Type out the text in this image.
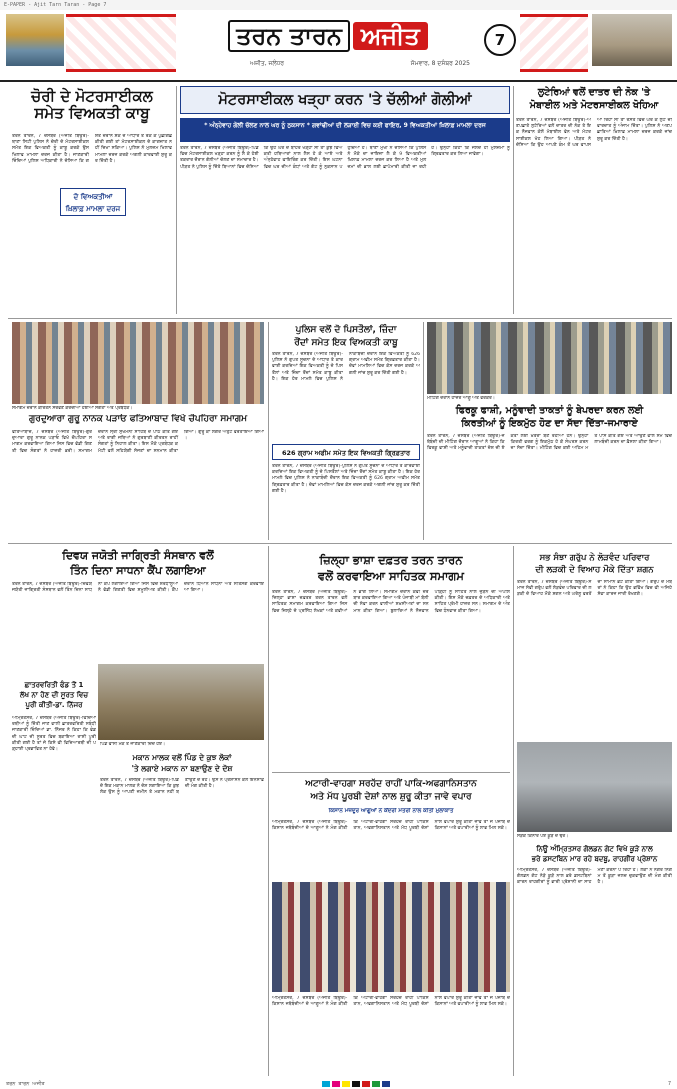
E-PAPER - Ajit Tarn Taran - Page 7
ਤਰਨ ਤਾਰਨ ਅਜੀਤ
ਅਜੀਤ, ਜਲੰਧਰ	ਸੋਮਵਾਰ, 8 ਦਸੰਬਰ 2025
7
ਚੋਰੀ ਦੇ ਮੋਟਰਸਾਈਕਲ
ਸਮੇਤ ਵਿਅਕਤੀ ਕਾਬੂ
ਤਰਨ ਤਾਰਨ, 7 ਦਸੰਬਰ (ਅਜੀਤ ਬਿਊਰੋ)-ਥਾਣਾ ਸਿਟੀ ਪੁਲਿਸ ਨੇ ਚੋਰੀ ਦੇ ਮੋਟਰਸਾਈਕਲ ਸਮੇਤ ਇਕ ਵਿਅਕਤੀ ਨੂੰ ਕਾਬੂ ਕਰਕੇ ਉਸ ਖਿਲਾਫ ਮਾਮਲਾ ਦਰਜ ਕੀਤਾ ਹੈ। ਜਾਣਕਾਰੀ ਦਿੰਦਿਆਂ ਪੁਲਿਸ ਅਧਿਕਾਰੀ ਨੇ ਦੱਸਿਆ ਕਿ ਗਸ਼ਤ ਦੌਰਾਨ ਸ਼ੱਕ ਦੇ ਆਧਾਰ ਤੇ ਰੋਕ ਕੇ ਪੁੱਛਗਿੱਛ ਕੀਤੀ ਗਈ ਤਾਂ ਮੋਟਰਸਾਈਕਲ ਦੇ ਕਾਗਜ਼ਾਤ ਨਹੀਂ ਦਿਖਾ ਸਕਿਆ। ਪੁਲਿਸ ਨੇ ਮੁਲਜ਼ਮ ਖਿਲਾਫ ਮਾਮਲਾ ਦਰਜ ਕਰਕੇ ਅਗਲੀ ਕਾਰਵਾਈ ਸ਼ੁਰੂ ਕਰ ਦਿੱਤੀ ਹੈ।
ਦੋ ਵਿਅਕਤੀਆਂ
ਖ਼ਿਲਾਫ਼ ਮਾਮਲਾ ਦਰਜ
ਮੋਟਰਸਾਈਕਲ ਖੜ੍ਹਾ ਕਰਨ 'ਤੇ ਚੱਲੀਆਂ ਗੋਲੀਆਂ
* ਅੰਨ੍ਹੇਵਾਹ ਗੋਲੀ ਚੱਲਣ ਨਾਲ ਘਰ ਨੂੰ ਨੁਕਸਾਨ * ਗਵਾਂਢੀਆਂ ਦੀ ਲੜਾਈ ਵਿਚ ਕਈ ਫਾਇਰ, 9 ਵਿਅਕਤੀਆਂ ਖ਼ਿਲਾਫ਼ ਮਾਮਲਾ ਦਰਜ
ਤਰਨ ਤਾਰਨ, 7 ਦਸੰਬਰ (ਅਜੀਤ ਬਿਊਰੋ)-ਪਿੰਡ ਵਿਚ ਮੋਟਰਸਾਈਕਲ ਖੜ੍ਹਾ ਕਰਨ ਨੂੰ ਲੈ ਕੇ ਹੋਈ ਤਕਰਾਰ ਦੌਰਾਨ ਗੋਲੀਆਂ ਚੱਲਣ ਦਾ ਸਮਾਚਾਰ ਹੈ। ਪੀੜਤ ਨੇ ਪੁਲਿਸ ਨੂੰ ਦਿੱਤੇ ਬਿਆਨਾਂ ਵਿਚ ਦੱਸਿਆ ਕਿ ਉਹ ਘਰ ਦੇ ਬਾਹਰ ਖੜ੍ਹਾ ਸੀ ਤਾਂ ਕੁਝ ਵਿਅਕਤੀ ਹਥਿਆਰਾਂ ਨਾਲ ਲੈਸ ਹੋ ਕੇ ਆਏ ਅਤੇ ਅੰਨ੍ਹੇਵਾਹ ਫਾਇਰਿੰਗ ਕਰ ਦਿੱਤੀ। ਇਸ ਘਟਨਾ ਵਿਚ ਘਰ ਦੀਆਂ ਕੰਧਾਂ ਅਤੇ ਗੇਟ ਨੂੰ ਨੁਕਸਾਨ ਪਹੁੰਚਿਆ ਹੈ। ਥਾਣਾ ਮੁਖੀ ਨੇ ਦੱਸਿਆ ਕਿ ਪੁਲਿਸ ਨੇ ਮੌਕੇ ਦਾ ਜਾਇਜ਼ਾ ਲੈ ਕੇ 9 ਵਿਅਕਤੀਆਂ ਖ਼ਿਲਾਫ਼ ਮਾਮਲਾ ਦਰਜ ਕਰ ਲਿਆ ਹੈ ਅਤੇ ਮੁਲਜ਼ਮਾਂ ਦੀ ਭਾਲ ਲਈ ਛਾਪੇਮਾਰੀ ਕੀਤੀ ਜਾ ਰਹੀ ਹੈ। ਉਨ੍ਹਾਂ ਕਿਹਾ ਕਿ ਜਲਦ ਹੀ ਮੁਲਜ਼ਮਾਂ ਨੂੰ ਗ੍ਰਿਫ਼ਤਾਰ ਕਰ ਲਿਆ ਜਾਵੇਗਾ।
ਲੁਟੇਰਿਆਂ ਵਲੋਂ ਦਾਤਰ ਦੀ ਨੋਕ 'ਤੇ
ਮੋਬਾਈਲ ਅਤੇ ਮੋਟਰਸਾਈਕਲ ਖੋਹਿਆ
ਤਰਨ ਤਾਰਨ, 7 ਦਸੰਬਰ (ਅਜੀਤ ਬਿਊਰੋ)-ਅਣਪਛਾਤੇ ਲੁਟੇਰਿਆਂ ਵਲੋਂ ਦਾਤਰ ਦੀ ਨੋਕ ਤੇ ਇਕ ਨੌਜਵਾਨ ਕੋਲੋਂ ਮੋਬਾਈਲ ਫੋਨ ਅਤੇ ਮੋਟਰਸਾਈਕਲ ਖੋਹ ਲਿਆ ਗਿਆ। ਪੀੜਤ ਨੇ ਦੱਸਿਆ ਕਿ ਉਹ ਆਪਣੇ ਕੰਮ ਤੋਂ ਘਰ ਵਾਪਸ ਆ ਰਿਹਾ ਸੀ ਤਾਂ ਰਸਤੇ ਵਿਚ ਘੇਰ ਕੇ ਲੁੱਟ ਦੀ ਵਾਰਦਾਤ ਨੂੰ ਅੰਜਾਮ ਦਿੱਤਾ। ਪੁਲਿਸ ਨੇ ਅਣਪਛਾਤਿਆਂ ਖ਼ਿਲਾਫ਼ ਮਾਮਲਾ ਦਰਜ ਕਰਕੇ ਜਾਂਚ ਸ਼ੁਰੂ ਕਰ ਦਿੱਤੀ ਹੈ।
ਸਮਾਗਮ ਦੌਰਾਨ ਕੀਰਤਨ ਸਰਵਣ ਕਰਦੀਆਂ ਹੋਈਆਂ ਸੰਗਤਾਂ ਅਤੇ ਪ੍ਰਬੰਧਕ।
ਗੁਰਦੁਆਰਾ ਗੁਰੂ ਨਾਨਕ ਪੜਾਓ ਫਤਿਆਬਾਦ ਵਿਖੇ ਚੌਪਹਿਰਾ ਸਮਾਗਮ
ਫਤਿਆਬਾਦ, 7 ਦਸੰਬਰ (ਅਜੀਤ ਬਿਊਰੋ)-ਗੁਰਦੁਆਰਾ ਗੁਰੂ ਨਾਨਕ ਪੜਾਓ ਵਿਖੇ ਚੌਪਹਿਰਾ ਸਮਾਗਮ ਕਰਵਾਇਆ ਗਿਆ ਜਿਸ ਵਿਚ ਵੱਡੀ ਗਿਣਤੀ ਵਿਚ ਸੰਗਤਾਂ ਨੇ ਹਾਜ਼ਰੀ ਭਰੀ। ਸਮਾਗਮ ਦੌਰਾਨ ਸ੍ਰੀ ਸੁਖਮਨੀ ਸਾਹਿਬ ਦੇ ਪਾਠ ਕੀਤੇ ਗਏ ਅਤੇ ਰਾਗੀ ਜਥਿਆਂ ਨੇ ਗੁਰਬਾਣੀ ਕੀਰਤਨ ਰਾਹੀਂ ਸੰਗਤਾਂ ਨੂੰ ਨਿਹਾਲ ਕੀਤਾ। ਇਸ ਮੌਕੇ ਪ੍ਰਬੰਧਕ ਕਮੇਟੀ ਵਲੋਂ ਸਹਿਯੋਗੀ ਸੱਜਣਾਂ ਦਾ ਸਨਮਾਨ ਕੀਤਾ ਗਿਆ। ਗੁਰੂ ਕਾ ਲੰਗਰ ਅਤੁੱਟ ਵਰਤਾਇਆ ਗਿਆ।
ਪੁਲਿਸ ਵਲੋਂ ਦੋ ਪਿਸਤੌਲਾਂ, ਜ਼ਿੰਦਾ
ਰੌਂਦਾਂ ਸਮੇਤ ਇਕ ਵਿਅਕਤੀ ਕਾਬੂ
ਤਰਨ ਤਾਰਨ, 7 ਦਸੰਬਰ (ਅਜੀਤ ਬਿਊਰੋ)-ਪੁਲਿਸ ਨੇ ਗੁਪਤ ਸੂਚਨਾ ਦੇ ਆਧਾਰ ਤੇ ਕਾਰਵਾਈ ਕਰਦਿਆਂ ਇਕ ਵਿਅਕਤੀ ਨੂੰ ਦੋ ਪਿਸਤੌਲਾਂ ਅਤੇ ਜ਼ਿੰਦਾ ਰੌਂਦਾਂ ਸਮੇਤ ਕਾਬੂ ਕੀਤਾ ਹੈ। ਇਕ ਹੋਰ ਮਾਮਲੇ ਵਿਚ ਪੁਲਿਸ ਨੇ ਨਾਕਾਬੰਦੀ ਦੌਰਾਨ ਇਕ ਵਿਅਕਤੀ ਨੂੰ 626 ਗ੍ਰਾਮ ਅਫੀਮ ਸਮੇਤ ਗ੍ਰਿਫ਼ਤਾਰ ਕੀਤਾ ਹੈ। ਦੋਵਾਂ ਮਾਮਲਿਆਂ ਵਿਚ ਕੇਸ ਦਰਜ ਕਰਕੇ ਅਗਲੀ ਜਾਂਚ ਸ਼ੁਰੂ ਕਰ ਦਿੱਤੀ ਗਈ ਹੈ।
626 ਗ੍ਰਾਮ ਅਫੀਮ ਸਮੇਤ ਇਕ ਵਿਅਕਤੀ ਗ੍ਰਿਫ਼ਤਾਰ
ਤਰਨ ਤਾਰਨ, 7 ਦਸੰਬਰ (ਅਜੀਤ ਬਿਊਰੋ)-ਪੁਲਿਸ ਨੇ ਗੁਪਤ ਸੂਚਨਾ ਦੇ ਆਧਾਰ ਤੇ ਕਾਰਵਾਈ ਕਰਦਿਆਂ ਇਕ ਵਿਅਕਤੀ ਨੂੰ ਦੋ ਪਿਸਤੌਲਾਂ ਅਤੇ ਜ਼ਿੰਦਾ ਰੌਂਦਾਂ ਸਮੇਤ ਕਾਬੂ ਕੀਤਾ ਹੈ। ਇਕ ਹੋਰ ਮਾਮਲੇ ਵਿਚ ਪੁਲਿਸ ਨੇ ਨਾਕਾਬੰਦੀ ਦੌਰਾਨ ਇਕ ਵਿਅਕਤੀ ਨੂੰ 626 ਗ੍ਰਾਮ ਅਫੀਮ ਸਮੇਤ ਗ੍ਰਿਫ਼ਤਾਰ ਕੀਤਾ ਹੈ। ਦੋਵਾਂ ਮਾਮਲਿਆਂ ਵਿਚ ਕੇਸ ਦਰਜ ਕਰਕੇ ਅਗਲੀ ਜਾਂਚ ਸ਼ੁਰੂ ਕਰ ਦਿੱਤੀ ਗਈ ਹੈ।
ਮੀਟਿੰਗ ਦੌਰਾਨ ਹਾਜ਼ਰ ਆਗੂ ਅਤੇ ਵਰਕਰ।
ਫਿਰਕੂ ਫਾਸ਼ੀ, ਮਨੂੰਵਾਦੀ ਤਾਕਤਾਂ ਨੂੰ ਬੇਪਰਦਾ ਕਰਨ ਲਈ
ਕਿਰਤੀਆਂ ਨੂੰ ਇਕਮੁੱਠ ਹੋਣ ਦਾ ਸੱਦਾ ਦਿੱਤਾ-ਜਮਾਰਾਏ
ਤਰਨ ਤਾਰਨ, 7 ਦਸੰਬਰ (ਅਜੀਤ ਬਿਊਰੋ)-ਜਥੇਬੰਦੀ ਦੀ ਮੀਟਿੰਗ ਦੌਰਾਨ ਆਗੂਆਂ ਨੇ ਕਿਹਾ ਕਿ ਫਿਰਕੂ ਫਾਸ਼ੀ ਅਤੇ ਮਨੂੰਵਾਦੀ ਤਾਕਤਾਂ ਦੇਸ਼ ਦੀ ਏਕਤਾ ਲਈ ਖ਼ਤਰਾ ਬਣ ਰਹੀਆਂ ਹਨ। ਉਨ੍ਹਾਂ ਕਿਰਤੀ ਵਰਗ ਨੂੰ ਇਕਮੁੱਠ ਹੋ ਕੇ ਸੰਘਰਸ਼ ਕਰਨ ਦਾ ਸੱਦਾ ਦਿੱਤਾ। ਮੀਟਿੰਗ ਵਿਚ ਕਈ ਅਹਿਮ ਮਤੇ ਪਾਸ ਕੀਤੇ ਗਏ ਅਤੇ ਆਉਣ ਵਾਲੇ ਸਮੇਂ ਵਿਚ ਲਾਮਬੰਦੀ ਕਰਨ ਦਾ ਫ਼ੈਸਲਾ ਕੀਤਾ ਗਿਆ।
ਦਿਵਯ ਜਯੋਤੀ ਜਾਗ੍ਰਿਤੀ ਸੰਸਥਾਨ ਵਲੋਂ
ਤਿੰਨ ਦਿਨਾ ਸਾਧਨਾ ਕੈਂਪ ਲਗਾਇਆ
ਤਰਨ ਤਾਰਨ, 7 ਦਸੰਬਰ (ਅਜੀਤ ਬਿਊਰੋ)-ਦਿਵਯ ਜਯੋਤੀ ਜਾਗ੍ਰਿਤੀ ਸੰਸਥਾਨ ਵਲੋਂ ਤਿੰਨ ਦਿਨਾ ਸਾਧਨਾ ਕੈਂਪ ਲਗਾਇਆ ਗਿਆ ਜਿਸ ਵਿਚ ਸ਼ਰਧਾਲੂਆਂ ਨੇ ਵੱਡੀ ਗਿਣਤੀ ਵਿਚ ਸ਼ਮੂਲੀਅਤ ਕੀਤੀ। ਕੈਂਪ ਦੌਰਾਨ ਧਿਆਨ ਸਾਧਨਾ ਅਤੇ ਸਤਿਸੰਗ ਕਰਵਾਇਆ ਗਿਆ।
ਛਾਤਰਵਰਿਤੀ ਫੰਡ ਤੋਂ 1
ਲੱਖ ਨਾ ਹੋਣ ਦੀ ਸੂਰਤ ਵਿਚ
ਪੂਰੀ ਕੀਤੀ-ਡਾ. ਨਿੱਜਰ
ਅੰਮ੍ਰਿਤਸਰ, 7 ਦਸੰਬਰ (ਅਜੀਤ ਬਿਊਰੋ)-ਵਿਦਿਆਰਥੀਆਂ ਨੂੰ ਦਿੱਤੀ ਜਾਣ ਵਾਲੀ ਛਾਤਰਵਰਿਤੀ ਸਬੰਧੀ ਜਾਣਕਾਰੀ ਦਿੰਦਿਆਂ ਡਾ. ਨਿੱਜਰ ਨੇ ਕਿਹਾ ਕਿ ਫੰਡ ਦੀ ਘਾਟ ਦੀ ਸੂਰਤ ਵਿਚ ਬਕਾਇਆ ਰਾਸ਼ੀ ਪੂਰੀ ਕੀਤੀ ਗਈ ਹੈ ਤਾਂ ਜੋ ਕਿਸੇ ਵੀ ਵਿਦਿਆਰਥੀ ਦੀ ਪੜ੍ਹਾਈ ਪ੍ਰਭਾਵਿਤ ਨਾ ਹੋਵੇ।
ਪਿੰਡ ਵਾਸੀ ਮੌਕੇ ਤੇ ਜਾਣਕਾਰੀ ਦਿੰਦੇ ਹੋਏ।
ਮਕਾਨ ਮਾਲਕ ਵਲੋਂ ਪਿੰਡ ਦੇ ਕੁਝ ਲੋਕਾਂ
'ਤੇ ਲਗਾਏ ਮਕਾਨ ਨਾ ਬਣਾਉਣ ਦੇ ਦੋਸ਼
ਤਰਨ ਤਾਰਨ, 7 ਦਸੰਬਰ (ਅਜੀਤ ਬਿਊਰੋ)-ਪਿੰਡ ਦੇ ਇਕ ਮਕਾਨ ਮਾਲਕ ਨੇ ਦੋਸ਼ ਲਗਾਇਆ ਕਿ ਕੁਝ ਲੋਕ ਉਸ ਨੂੰ ਆਪਣੀ ਜ਼ਮੀਨ ਤੇ ਮਕਾਨ ਨਹੀਂ ਬਣਾਉਣ ਦੇ ਰਹੇ। ਉਸ ਨੇ ਪ੍ਰਸ਼ਾਸਨ ਕੋਲੋਂ ਇਨਸਾਫ਼ ਦੀ ਮੰਗ ਕੀਤੀ ਹੈ।
ਜ਼ਿਲ੍ਹਾ ਭਾਸ਼ਾ ਦਫ਼ਤਰ ਤਰਨ ਤਾਰਨ
ਵਲੋਂ ਕਰਵਾਇਆ ਸਾਹਿਤਕ ਸਮਾਗਮ
ਤਰਨ ਤਾਰਨ, 7 ਦਸੰਬਰ (ਅਜੀਤ ਬਿਊਰੋ)-ਜ਼ਿਲ੍ਹਾ ਭਾਸ਼ਾ ਦਫ਼ਤਰ ਤਰਨ ਤਾਰਨ ਵਲੋਂ ਸਾਹਿਤਕ ਸਮਾਗਮ ਕਰਵਾਇਆ ਗਿਆ ਜਿਸ ਵਿਚ ਜ਼ਿਲ੍ਹੇ ਦੇ ਪ੍ਰਸਿੱਧ ਲੇਖਕਾਂ ਅਤੇ ਕਵੀਆਂ ਨੇ ਭਾਗ ਲਿਆ। ਸਮਾਗਮ ਦੌਰਾਨ ਕਵੀ ਦਰਬਾਰ ਕਰਵਾਇਆ ਗਿਆ ਅਤੇ ਪੰਜਾਬੀ ਮਾਂ ਬੋਲੀ ਦੀ ਸੇਵਾ ਕਰਨ ਵਾਲੀਆਂ ਸ਼ਖ਼ਸੀਅਤਾਂ ਦਾ ਸਨਮਾਨ ਕੀਤਾ ਗਿਆ। ਬੁਲਾਰਿਆਂ ਨੇ ਨੌਜਵਾਨ ਪੀੜ੍ਹੀ ਨੂੰ ਸਾਹਿਤ ਨਾਲ ਜੁੜਨ ਦੀ ਅਪੀਲ ਕੀਤੀ। ਇਸ ਮੌਕੇ ਦਫ਼ਤਰ ਦੇ ਅਧਿਕਾਰੀ ਅਤੇ ਸਾਹਿਤ ਪ੍ਰੇਮੀ ਹਾਜ਼ਰ ਸਨ। ਸਮਾਗਮ ਦੇ ਅੰਤ ਵਿਚ ਧੰਨਵਾਦ ਕੀਤਾ ਗਿਆ।
ਅਟਾਰੀ-ਵਾਹਗਾ ਸਰਹੱਦ ਰਾਹੀਂ ਪਾਕਿ-ਅਫਗਾਨਿਸਤਾਨ
ਅਤੇ ਮੱਧ ਪੂਰਬੀ ਦੇਸ਼ਾਂ ਨਾਲ ਸ਼ੁਰੂ ਕੀਤਾ ਜਾਵੇ ਵਪਾਰ
ਕਿਸਾਨ ਮਜ਼ਦੂਰ ਆਗੂਆਂ ਨੇ ਕੇਂਦਰੀ ਮੰਤਰੀ ਨਾਲ ਕੀਤੀ ਮੁਲਾਕਾਤ
ਅੰਮ੍ਰਿਤਸਰ, 7 ਦਸੰਬਰ (ਅਜੀਤ ਬਿਊਰੋ)-ਕਿਸਾਨ ਜਥੇਬੰਦੀਆਂ ਦੇ ਆਗੂਆਂ ਨੇ ਮੰਗ ਕੀਤੀ ਕਿ ਅਟਾਰੀ-ਵਾਹਗਾ ਸਰਹੱਦ ਰਾਹੀਂ ਪਾਕਿਸਤਾਨ, ਅਫਗਾਨਿਸਤਾਨ ਅਤੇ ਮੱਧ ਪੂਰਬੀ ਦੇਸ਼ਾਂ ਨਾਲ ਵਪਾਰ ਸ਼ੁਰੂ ਕੀਤਾ ਜਾਵੇ ਤਾਂ ਜੋ ਪੰਜਾਬ ਦੇ ਕਿਸਾਨਾਂ ਅਤੇ ਵਪਾਰੀਆਂ ਨੂੰ ਲਾਭ ਮਿਲ ਸਕੇ।
ਅੰਮ੍ਰਿਤਸਰ, 7 ਦਸੰਬਰ (ਅਜੀਤ ਬਿਊਰੋ)-ਕਿਸਾਨ ਜਥੇਬੰਦੀਆਂ ਦੇ ਆਗੂਆਂ ਨੇ ਮੰਗ ਕੀਤੀ ਕਿ ਅਟਾਰੀ-ਵਾਹਗਾ ਸਰਹੱਦ ਰਾਹੀਂ ਪਾਕਿਸਤਾਨ, ਅਫਗਾਨਿਸਤਾਨ ਅਤੇ ਮੱਧ ਪੂਰਬੀ ਦੇਸ਼ਾਂ ਨਾਲ ਵਪਾਰ ਸ਼ੁਰੂ ਕੀਤਾ ਜਾਵੇ ਤਾਂ ਜੋ ਪੰਜਾਬ ਦੇ ਕਿਸਾਨਾਂ ਅਤੇ ਵਪਾਰੀਆਂ ਨੂੰ ਲਾਭ ਮਿਲ ਸਕੇ।
ਸਭ ਸੰਝਾ ਗਰੁੱਪ ਨੇ ਲੋੜਵੰਦ ਪਰਿਵਾਰ
ਦੀ ਲੜਕੀ ਦੇ ਵਿਆਹ ਮੌਕੇ ਦਿੱਤਾ ਸ਼ਗਨ
ਤਰਨ ਤਾਰਨ, 7 ਦਸੰਬਰ (ਅਜੀਤ ਬਿਊਰੋ)-ਸਮਾਜ ਸੇਵੀ ਗਰੁੱਪ ਵਲੋਂ ਲੋੜਵੰਦ ਪਰਿਵਾਰ ਦੀ ਲੜਕੀ ਦੇ ਵਿਆਹ ਮੌਕੇ ਸ਼ਗਨ ਅਤੇ ਘਰੇਲੂ ਵਰਤੋਂ ਦਾ ਸਾਮਾਨ ਭੇਟ ਕੀਤਾ ਗਿਆ। ਗਰੁੱਪ ਦੇ ਮੈਂਬਰਾਂ ਨੇ ਕਿਹਾ ਕਿ ਉਹ ਭਵਿੱਖ ਵਿਚ ਵੀ ਅਜਿਹੇ ਸੇਵਾ ਕਾਰਜ ਜਾਰੀ ਰੱਖਣਗੇ।
ਸੜਕ ਕਿਨਾਰੇ ਪਏ ਕੂੜੇ ਦੇ ਢੇਰ।
ਨਿਊ ਅੰਮ੍ਰਿਤਸਰ ਗੋਲਡਨ ਗੇਟ ਵਿਖੇ ਕੂੜੇ ਨਾਲ
ਭਰੇ ਡਸਟਬਿਨ ਮਾਰ ਰਹੇ ਬਦਬੂ, ਰਾਹਗੀਰ ਪ੍ਰੇਸ਼ਾਨ
ਅੰਮ੍ਰਿਤਸਰ, 7 ਦਸੰਬਰ (ਅਜੀਤ ਬਿਊਰੋ)-ਗੋਲਡਨ ਗੇਟ ਨੇੜੇ ਕੂੜੇ ਨਾਲ ਭਰੇ ਡਸਟਬਿਨਾਂ ਕਾਰਨ ਰਾਹਗੀਰਾਂ ਨੂੰ ਭਾਰੀ ਪ੍ਰੇਸ਼ਾਨੀ ਦਾ ਸਾਹਮਣਾ ਕਰਨਾ ਪੈ ਰਿਹਾ ਹੈ। ਲੋਕਾਂ ਨੇ ਨਗਰ ਨਿਗਮ ਤੋਂ ਕੂੜਾ ਜਲਦ ਚੁਕਵਾਉਣ ਦੀ ਮੰਗ ਕੀਤੀ ਹੈ।
ਤਰਨ ਤਾਰਨ ਅਜੀਤ	7
